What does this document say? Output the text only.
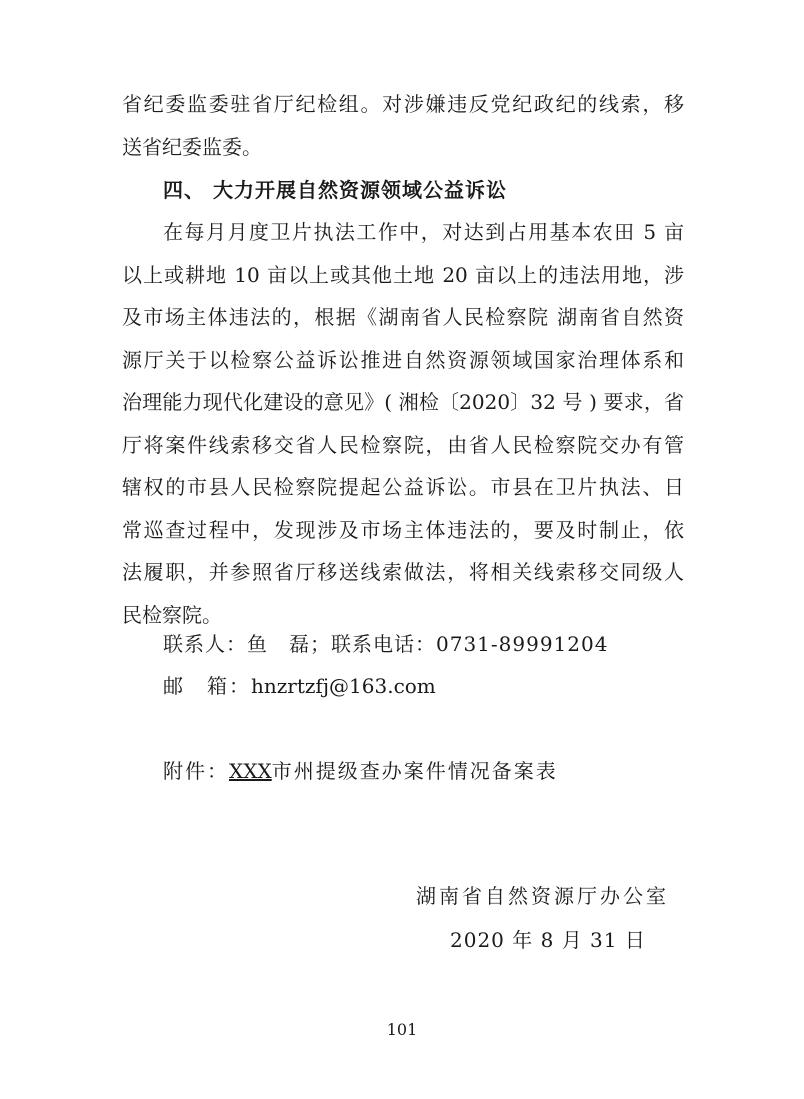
省纪委监委驻省厅纪检组。对涉嫌违反党纪政纪的线索，移
送省纪委监委。
四、 大力开展自然资源领域公益诉讼
在每月月度卫片执法工作中，对达到占用基本农田 5 亩
以上或耕地 10 亩以上或其他土地 20 亩以上的违法用地，涉
及市场主体违法的，根据《湖南省人民检察院 湖南省自然资
源厅关于以检察公益诉讼推进自然资源领域国家治理体系和
治理能力现代化建设的意见》( 湘检〔2020〕32 号 ) 要求，省
厅将案件线索移交省人民检察院，由省人民检察院交办有管
辖权的市县人民检察院提起公益诉讼。市县在卫片执法、日
常巡查过程中，发现涉及市场主体违法的，要及时制止，依
法履职，并参照省厅移送线索做法，将相关线索移交同级人
民检察院。
联系人：鱼　磊；联系电话：0731-89991204
邮　箱：hnzrtzfj@163.com
附件：XXX市州提级查办案件情况备案表
湖南省自然资源厅办公室
2020 年 8 月 31 日
101
